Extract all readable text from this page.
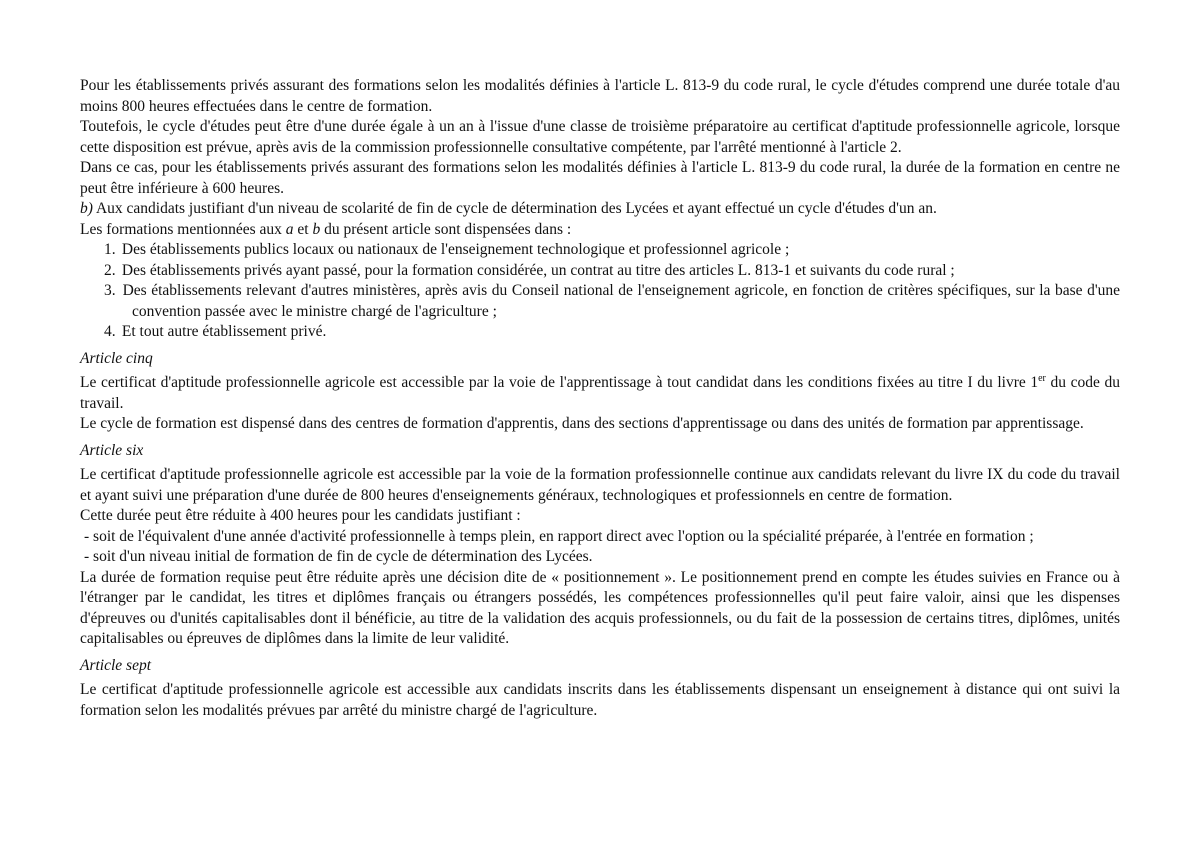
Pour les établissements privés assurant des formations selon les modalités définies à l'article L. 813-9 du code rural, le cycle d'études comprend une durée totale d'au moins 800 heures effectuées dans le centre de formation.

Toutefois, le cycle d'études peut être d'une durée égale à un an à l'issue d'une classe de troisième préparatoire au certificat d'aptitude professionnelle agricole, lorsque cette disposition est prévue, après avis de la commission professionnelle consultative compétente, par l'arrêté mentionné à l'article 2.

Dans ce cas, pour les établissements privés assurant des formations selon les modalités définies à l'article L. 813-9 du code rural, la durée de la formation en centre ne peut être inférieure à 600 heures.

b) Aux candidats justifiant d'un niveau de scolarité de fin de cycle de détermination des Lycées et ayant effectué un cycle d'études d'un an.

Les formations mentionnées aux a et b du présent article sont dispensées dans :

1. Des établissements publics locaux ou nationaux de l'enseignement technologique et professionnel agricole ;
2. Des établissements privés ayant passé, pour la formation considérée, un contrat au titre des articles L. 813-1 et suivants du code rural ;
3. Des établissements relevant d'autres ministères, après avis du Conseil national de l'enseignement agricole, en fonction de critères spécifiques, sur la base d'une convention passée avec le ministre chargé de l'agriculture ;
4. Et tout autre établissement privé.
Article cinq

Le certificat d'aptitude professionnelle agricole est accessible par la voie de l'apprentissage à tout candidat dans les conditions fixées au titre I du livre 1er du code du travail.

Le cycle de formation est dispensé dans des centres de formation d'apprentis, dans des sections d'apprentissage ou dans des unités de formation par apprentissage.

Article six

Le certificat d'aptitude professionnelle agricole est accessible par la voie de la formation professionnelle continue aux candidats relevant du livre IX du code du travail et ayant suivi une préparation d'une durée de 800 heures d'enseignements généraux, technologiques et professionnels en centre de formation.

Cette durée peut être réduite à 400 heures pour les candidats justifiant :

- soit de l'équivalent d'une année d'activité professionnelle à temps plein, en rapport direct avec l'option ou la spécialité préparée, à l'entrée en formation ;
- soit d'un niveau initial de formation de fin de cycle de détermination des Lycées.

La durée de formation requise peut être réduite après une décision dite de « positionnement ». Le positionnement prend en compte les études suivies en France ou à l'étranger par le candidat, les titres et diplômes français ou étrangers possédés, les compétences professionnelles qu'il peut faire valoir, ainsi que les dispenses d'épreuves ou d'unités capitalisables dont il bénéficie, au titre de la validation des acquis professionnels, ou du fait de la possession de certains titres, diplômes, unités capitalisables ou épreuves de diplômes dans la limite de leur validité.

Article sept

Le certificat d'aptitude professionnelle agricole est accessible aux candidats inscrits dans les établissements dispensant un enseignement à distance qui ont suivi la formation selon les modalités prévues par arrêté du ministre chargé de l'agriculture.
